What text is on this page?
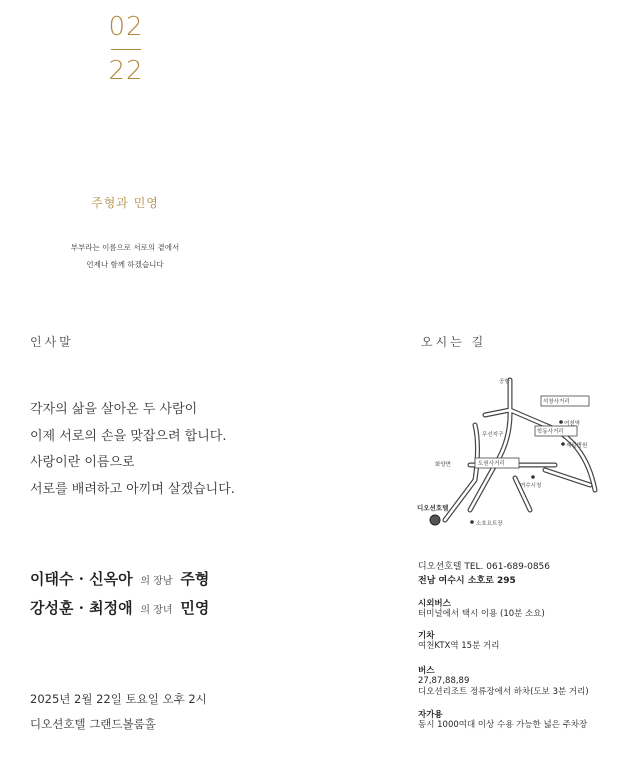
02
22
주형과 민영
부부라는 이름으로 서로의 곁에서
언제나 함께 하겠습니다
인사말
각자의 삶을 살아온 두 사람이
이제 서로의 손을 맞잡으려 합니다.
사랑이란 이름으로
서로를 배려하고 아끼며 살겠습니다.
이태수 · 신옥아 의 장남 주형
강성훈 · 최정애 의 장녀 민영
2025년 2월 22일 토요일 오후 2시
디오션호텔 그랜드볼룸홀
오시는 길
공항
석창사거리
여천역
학동사거리
제일병원
무선지구
화양면	도원사거리
여수시청
디오션호텔
소호요트장
디오션호텔 TEL. 061-689-0856
전남 여수시 소호로 295
시외버스
터미널에서 택시 이용 (10분 소요)
기차
여천KTX역 15분 거리
버스
27,87,88,89
디오션리조트 정류장에서 하차(도보 3분 거리)
자가용
동시 1000여대 이상 수용 가능한 넓은 주차장
